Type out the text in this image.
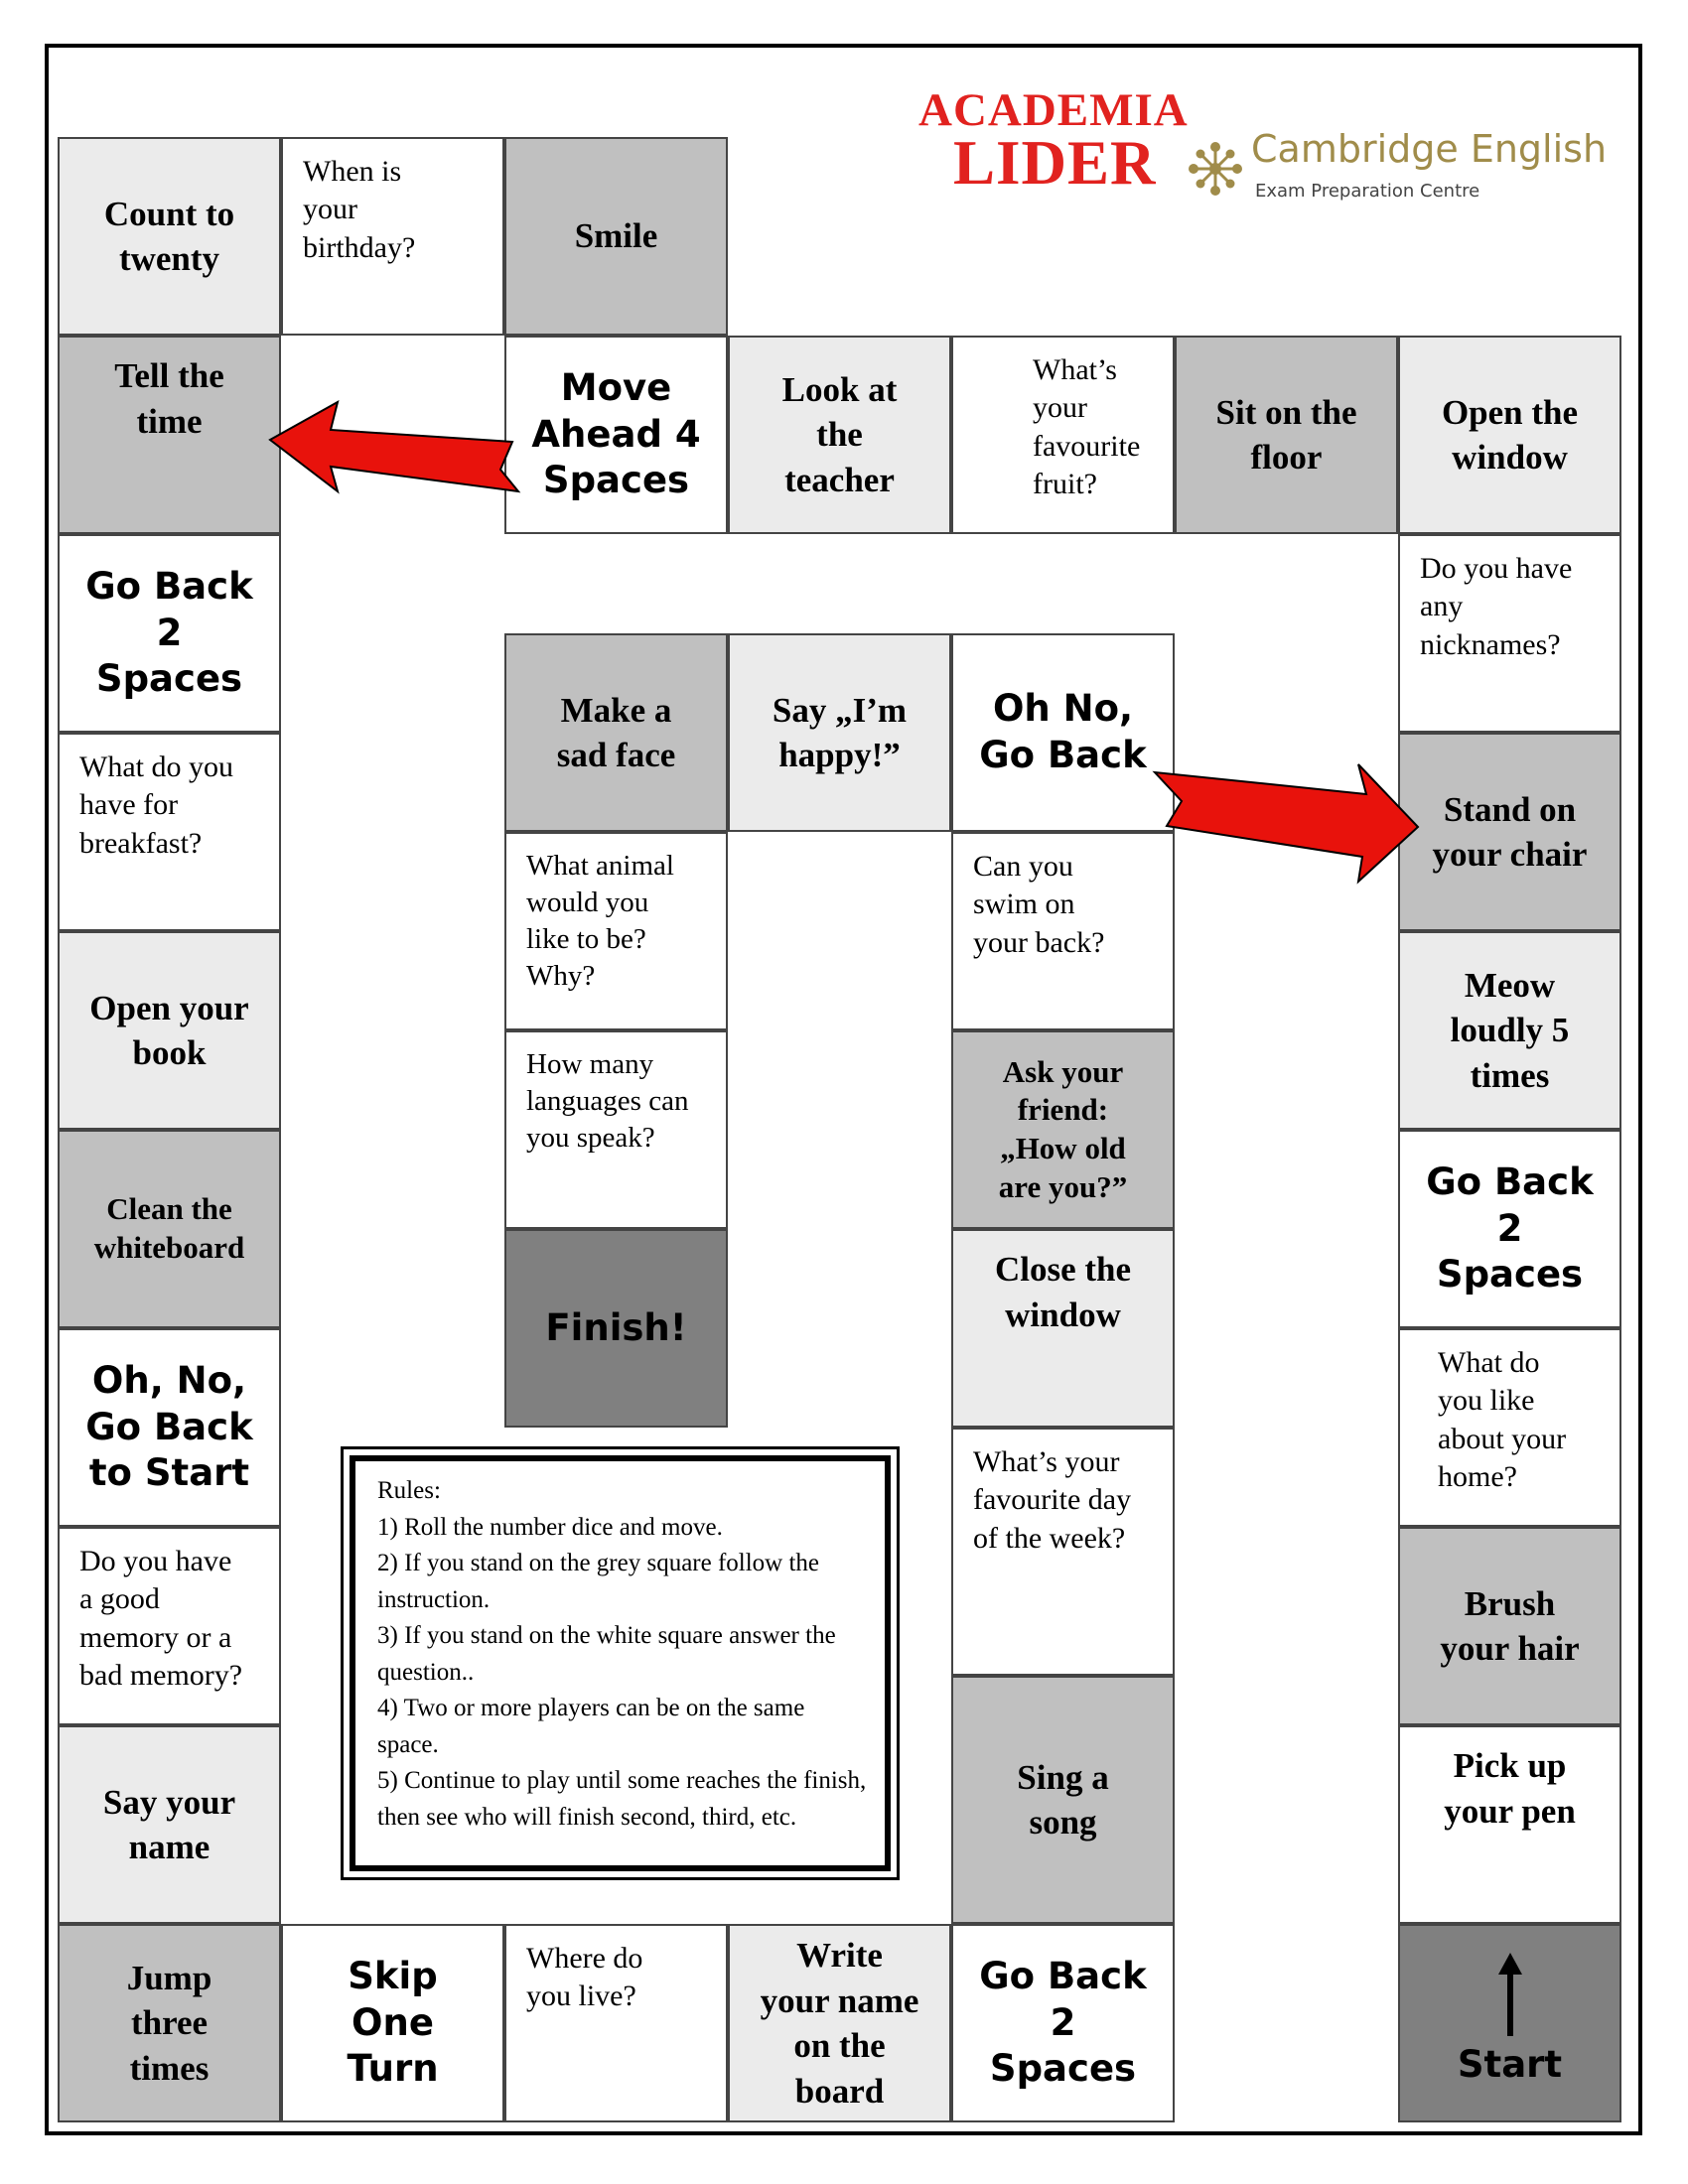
ACADEMIA
LIDER	Cambridge English
Exam Preparation Centre
Count to
twenty
When is
your
birthday?	Smile
Tell the
time
Move
Ahead 4
Spaces
Look at
the
teacher
What’s
your
favourite
fruit?
Sit on the
floor
Open the
window
Go Back
2
Spaces
What do you
have for
breakfast?
Open your
book
Clean the
whiteboard
Oh, No,
Go Back
to Start
Do you have
a good
memory or a
bad memory?
Say your
name
Jump
three
times
Skip
One
Turn
Where do
you live?
Write
your name
on the
board
Go Back
2
Spaces
Oh No,
Go Back
Can you
swim on
your back?
Ask your
friend:
„How old
are you?”
Close the
window
What’s your
favourite day
of the week?
Sing a
song
Make a
sad face
Say „I’m
happy!”
What animal
would you
like to be?
Why?
How many
languages can
you speak?
Finish!
Do you have
any
nicknames?
Stand on
your chair
Meow
loudly 5
times
Go Back
2
Spaces
What do
you like
about your
home?
Brush
your hair
Pick up
your pen
Start
Rules:
1) Roll the number dice and move.
2) If you stand on the grey square follow the instruction.
3) If you stand on the white square answer the question..
4) Two or more players can be on the same space.
5) Continue to play until some reaches the finish, then see who will finish second, third, etc.
